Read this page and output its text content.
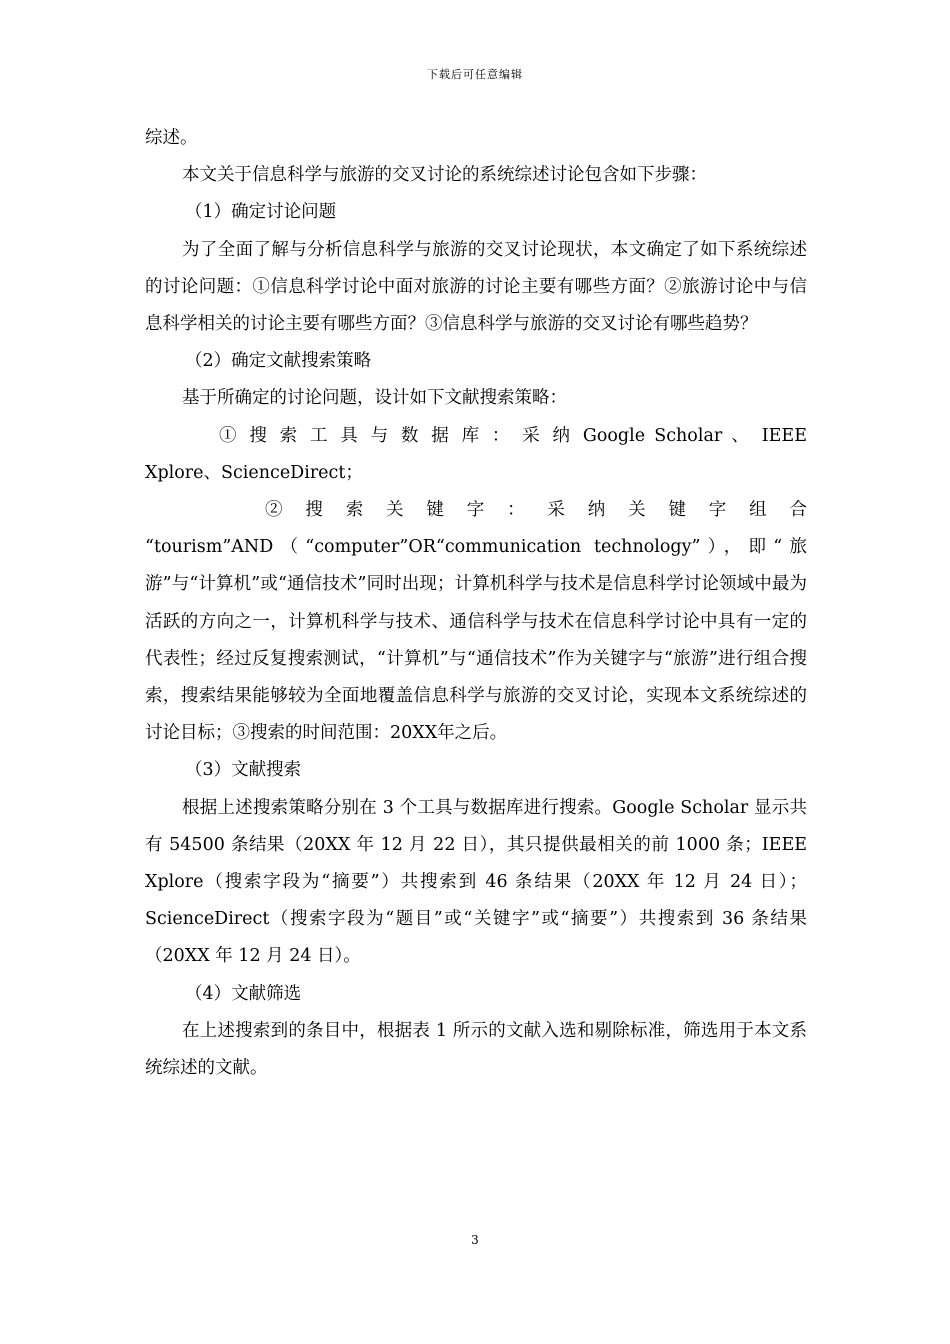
下载后可任意编辑

综述。

本文关于信息科学与旅游的交叉讨论的系统综述讨论包含如下步骤：

（1）确定讨论问题

为了全面了解与分析信息科学与旅游的交叉讨论现状，本文确定了如下系统综述的讨论问题：①信息科学讨论中面对旅游的讨论主要有哪些方面？②旅游讨论中与信息科学相关的讨论主要有哪些方面？③信息科学与旅游的交叉讨论有哪些趋势？

（2）确定文献搜索策略

基于所确定的讨论问题，设计如下文献搜索策略：

① 搜 索 工 具 与 数 据 库 ： 采 纳 Google Scholar 、 IEEE

Xplore、ScienceDirect；

② 搜 索 关 键 字 ： 采 纳 关 键 字 组 合

“tourism”AND（“computer”OR“communication technology”），即“旅游”与“计算机”或“通信技术”同时出现；计算机科学与技术是信息科学讨论领域中最为活跃的方向之一，计算机科学与技术、通信科学与技术在信息科学讨论中具有一定的代表性；经过反复搜索测试，“计算机”与“通信技术”作为关键字与“旅游”进行组合搜索，搜索结果能够较为全面地覆盖信息科学与旅游的交叉讨论，实现本文系统综述的讨论目标；③搜索的时间范围：20XX年之后。

（3）文献搜索

根据上述搜索策略分别在 3 个工具与数据库进行搜索。Google Scholar 显示共有 54500 条结果（20XX 年 12 月 22 日），其只提供最相关的前 1000 条；IEEE Xplore（搜索字段为“摘要”）共搜索到 46 条结果（20XX 年 12 月 24 日）；ScienceDirect（搜索字段为“题目”或“关键字”或“摘要”）共搜索到 36 条结果（20XX 年 12 月 24 日）。

（4）文献筛选

在上述搜索到的条目中，根据表 1 所示的文献入选和剔除标准，筛选用于本文系统综述的文献。

3
